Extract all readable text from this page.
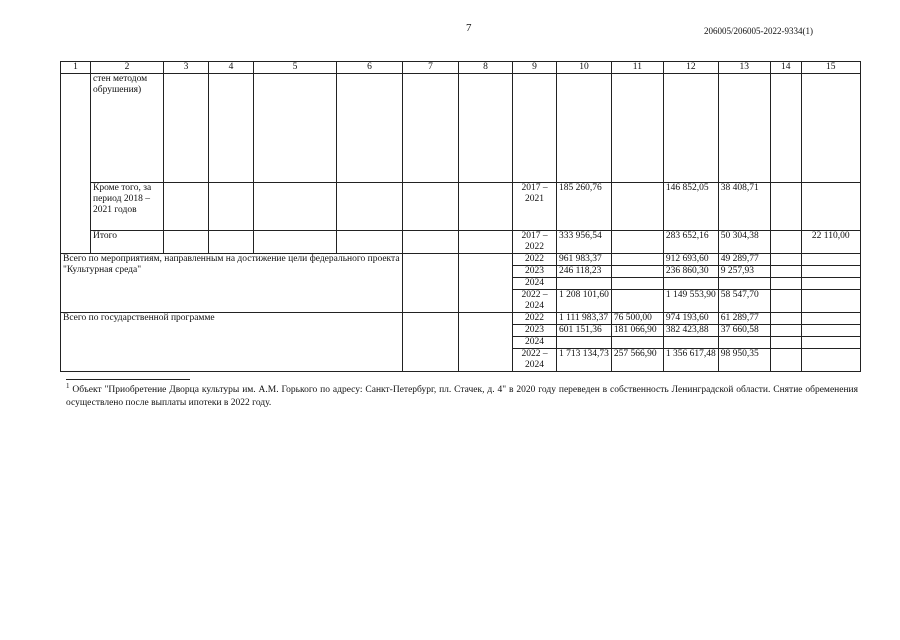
7	206005/206005-2022-9334(1)
1	2	3	4	5	6	7	8	9	10	11	12	13	14	15
	стен методом обрушения)													
	Кроме того, за период 2018 – 2021 годов							2017 – 2021	185 260,76		146 852,05	38 408,71		
	Итого							2017 – 2022	333 956,54		283 652,16	50 304,38		22 110,00
Всего по мероприятиям, направленным на достижение цели федерального проекта "Культурная среда"								2022	961 983,37		912 693,60	49 289,77		
								2023	246 118,23		236 860,30	9 257,93		
								2024						
								2022 – 2024	1 208 101,60		1 149 553,90	58 547,70		
Всего по государственной программе								2022	1 111 983,37	76 500,00	974 193,60	61 289,77		
								2023	601 151,36	181 066,90	382 423,88	37 660,58		
								2024						
								2022 – 2024	1 713 134,73	257 566,90	1 356 617,48	98 950,35		
$^1$ Объект "Приобретение Дворца культуры им. А.М. Горького по адресу: Санкт-Петербург, пл. Стачек, д. 4" в 2020 году переведен в собственность Ленинградской области. Снятие обременения осуществлено после выплаты ипотеки в 2022 году.
